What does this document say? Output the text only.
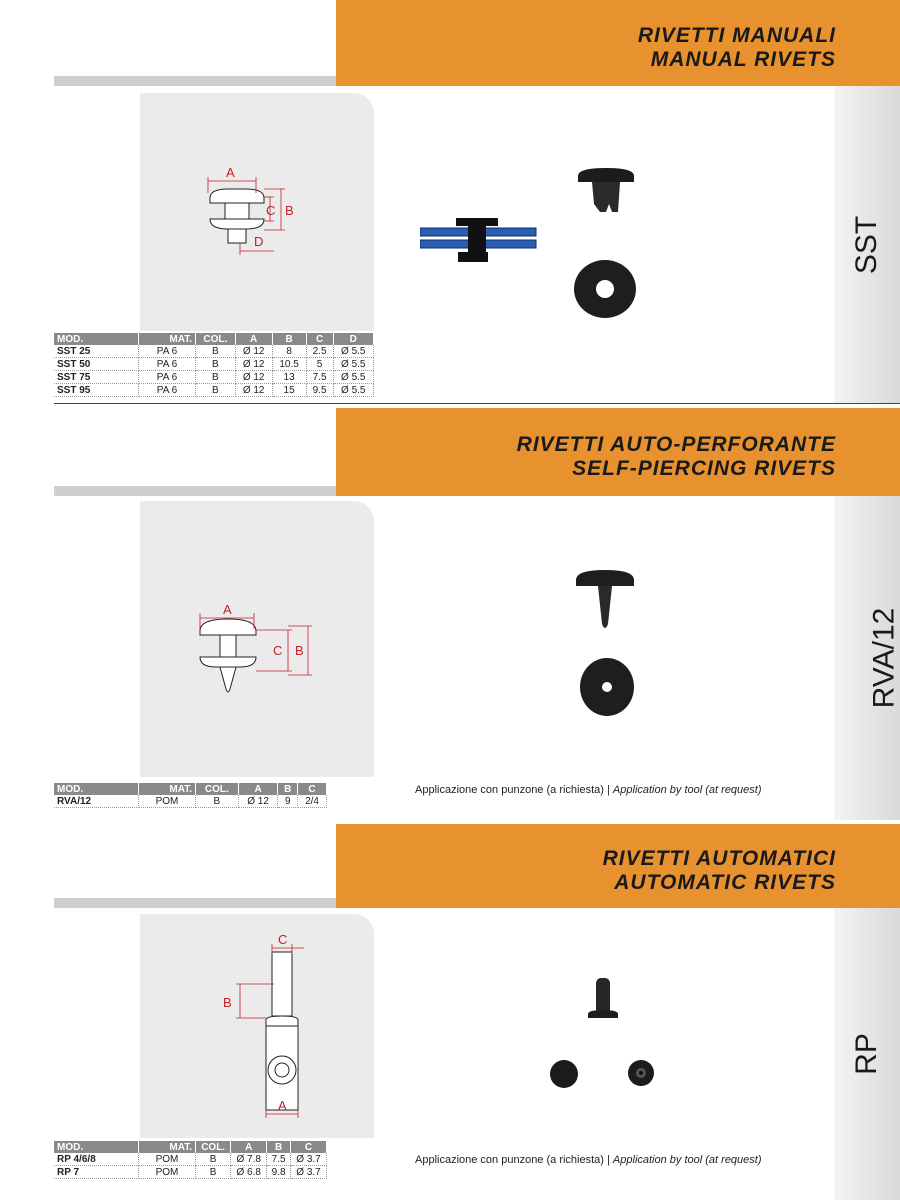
RIVETTI MANUALI
MANUAL RIVETS
SST
A
B
C
D
MOD.	MAT.	COL.	A	B	C	D
SST 25	PA 6	B	Ø 12	8	2.5	Ø 5.5
SST 50	PA 6	B	Ø 12	10.5	5	Ø 5.5
SST 75	PA 6	B	Ø 12	13	7.5	Ø 5.5
SST 95	PA 6	B	Ø 12	15	9.5	Ø 5.5
RIVETTI AUTO-PERFORANTE
SELF-PIERCING RIVETS
RVA/12
A
B
C
Applicazione con punzone (a richiesta) | Application by tool (at request)
MOD.	MAT.	COL.	A	B	C	
RVA/12	POM	B	Ø 12	9	2/4	
RIVETTI AUTOMATICI
AUTOMATIC RIVETS
RP
C
B
A
Applicazione con punzone (a richiesta) | Application by tool (at request)
MOD.	MAT.	COL.	A	B	C	
RP 4/6/8	POM	B	Ø 7.8	7.5	Ø 3.7	
RP 7	POM	B	Ø 6.8	9.8	Ø 3.7	
